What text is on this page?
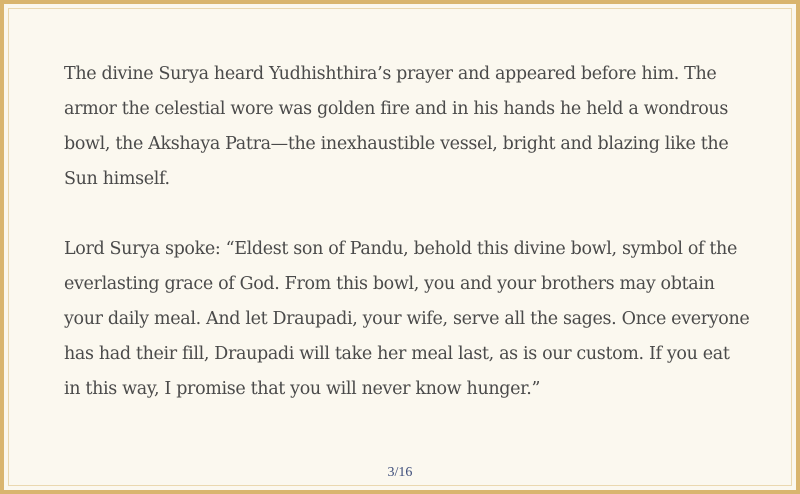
The divine Surya heard Yudhishthira’s prayer and appeared before him. The
armor the celestial wore was golden fire and in his hands he held a wondrous
bowl, the Akshaya Patra—the inexhaustible vessel, bright and blazing like the
Sun himself.

Lord Surya spoke: “Eldest son of Pandu, behold this divine bowl, symbol of the
everlasting grace of God. From this bowl, you and your brothers may obtain
your daily meal. And let Draupadi, your wife, serve all the sages. Once everyone
has had their fill, Draupadi will take her meal last, as is our custom. If you eat
in this way, I promise that you will never know hunger.”

3/16
